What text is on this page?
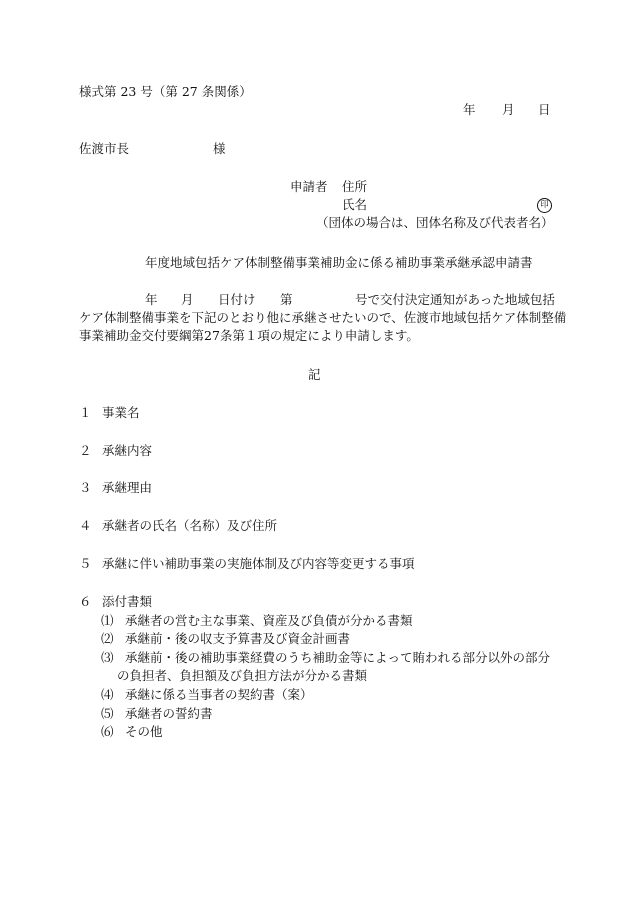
様式第 23 号（第 27 条関係）
年 月 日
佐渡市長	様
申請者 住所
氏名	印
（団体の場合は、団体名称及び代表者名）
年度地域包括ケア体制整備事業補助金に係る補助事業承継承認申請書
年 月 日付け 第	号で交付決定通知があった地域包括
ケア体制整備事業を下記のとおり他に承継させたいので、佐渡市地域包括ケア体制整備
事業補助金交付要綱第27条第１項の規定により申請します。
記
１ 事業名
２ 承継内容
３ 承継理由
４ 承継者の氏名（名称）及び住所
５ 承継に伴い補助事業の実施体制及び内容等変更する事項
６ 添付書類
⑴ 承継者の営む主な事業、資産及び負債が分かる書類
⑵ 承継前・後の収支予算書及び資金計画書
⑶ 承継前・後の補助事業経費のうち補助金等によって賄われる部分以外の部分
の負担者、負担額及び負担方法が分かる書類
⑷ 承継に係る当事者の契約書（案）
⑸ 承継者の誓約書
⑹ その他
